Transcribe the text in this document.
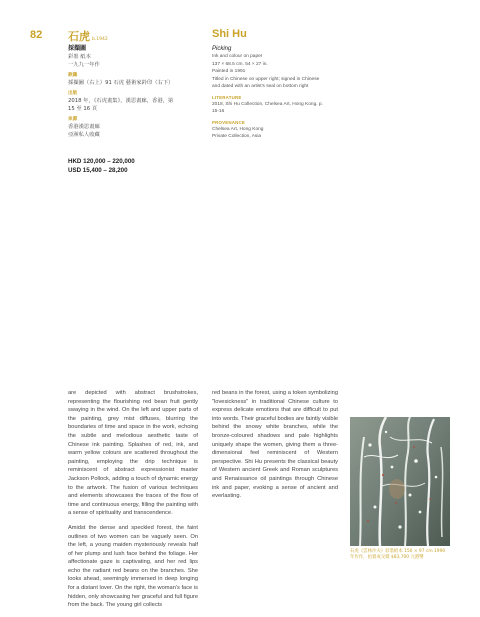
82 石虎 b.1942	Shi Hu
採擷圖
彩墨 紙本
一九九一年作
款識
採擷圖（右上）91 石虎 藝術家鈐印（右下）
出版
2018 年，《石虎畫集》，漢思畫廊，香港，第
15 至 16 頁
來源
香港漢思畫廊
亞洲私人收藏
Picking
Ink and colour on paper
137 × 68.5 cm. 54 × 27 in.
Painted in 1991
Titled in Chinese on upper right; signed in Chinese
and dated with an artist's seal on bottom right
LITERATURE
2018, Shi Hu Collection, Chelsea Art, Hong Kong, p.
15-16
PROVENANCE
Chelsea Art, Hong Kong
Private Collection, Asia
HKD 120,000 – 220,000
USD 15,400 – 28,200

are depicted with abstract brushstrokes, representing the flourishing red bean fruit gently swaying in the wind. On the left and upper parts of the painting, grey mist diffuses, blurring the boundaries of time and space in the work, echoing the subtle and melodious aesthetic taste of Chinese ink painting. Splashes of red, ink, and warm yellow colours are scattered throughout the painting, employing the drip technique is reminiscent of abstract expressionist master Jackson Pollock, adding a touch of dynamic energy to the artwork. The fusion of various techniques and elements showcases the traces of the flow of time and continuous energy, filling the painting with a sense of spirituality and transcendence.

Amidst the dense and speckled forest, the faint outlines of two women can be vaguely seen. On the left, a young maiden mysteriously reveals half of her plump and lush face behind the foliage. Her affectionate gaze is captivating, and her red lips echo the radiant red beans on the branches. She looks ahead, seemingly immersed in deep longing for a distant lover. On the right, the woman's face is hidden, only showcasing her graceful and full figure from the back. The young girl collects

red beans in the forest, using a token symbolizing "lovesickness" in traditional Chinese culture to express delicate emotions that are difficult to put into words. Their graceful bodies are faintly visible behind the snowy white branches, while the bronze-coloured shadows and pale highlights uniquely shape the women, giving them a three-dimensional feel reminiscent of Western perspective. Shi Hu presents the classical beauty of Western ancient Greek and Roman sculptures and Renaissance oil paintings through Chinese ink and paper, evoking a sense of ancient and everlasting.
石虎《雲林沙夫》彩墨紙本 150 × 97 cm 1990 年作作，拍賣成交價 $83,700 元港幣
